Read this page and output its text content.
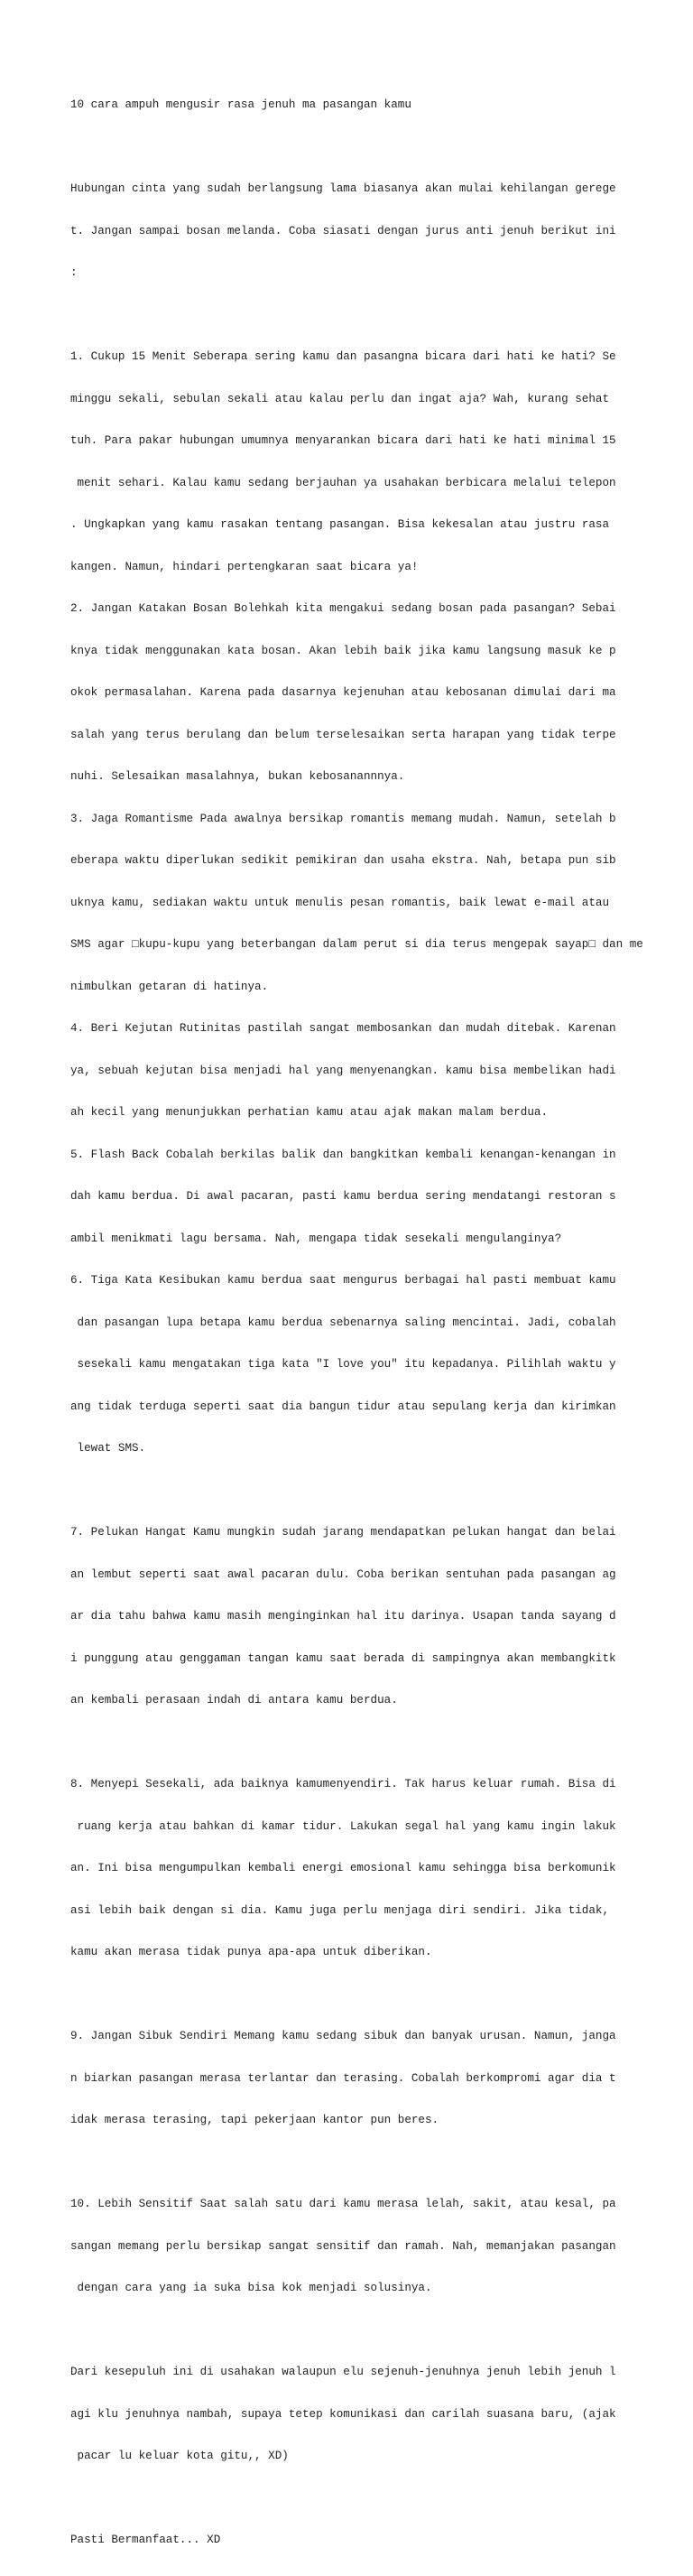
10 cara ampuh mengusir rasa jenuh ma pasangan kamu

Hubungan cinta yang sudah berlangsung lama biasanya akan mulai kehilangan gerege

t. Jangan sampai bosan melanda. Coba siasati dengan jurus anti jenuh berikut ini

:

1. Cukup 15 Menit Seberapa sering kamu dan pasangna bicara dari hati ke hati? Se

minggu sekali, sebulan sekali atau kalau perlu dan ingat aja? Wah, kurang sehat

tuh. Para pakar hubungan umumnya menyarankan bicara dari hati ke hati minimal 15

menit sehari. Kalau kamu sedang berjauhan ya usahakan berbicara melalui telepon

. Ungkapkan yang kamu rasakan tentang pasangan. Bisa kekesalan atau justru rasa

kangen. Namun, hindari pertengkaran saat bicara ya!

2. Jangan Katakan Bosan Bolehkah kita mengakui sedang bosan pada pasangan? Sebai

knya tidak menggunakan kata bosan. Akan lebih baik jika kamu langsung masuk ke p

okok permasalahan. Karena pada dasarnya kejenuhan atau kebosanan dimulai dari ma

salah yang terus berulang dan belum terselesaikan serta harapan yang tidak terpe

nuhi. Selesaikan masalahnya, bukan kebosanannnya.

3. Jaga Romantisme Pada awalnya bersikap romantis memang mudah. Namun, setelah b

eberapa waktu diperlukan sedikit pemikiran dan usaha ekstra. Nah, betapa pun sib

uknya kamu, sediakan waktu untuk menulis pesan romantis, baik lewat e-mail atau

SMS agar □kupu-kupu yang beterbangan dalam perut si dia terus mengepak sayap□ dan me

nimbulkan getaran di hatinya.

4. Beri Kejutan Rutinitas pastilah sangat membosankan dan mudah ditebak. Karenan

ya, sebuah kejutan bisa menjadi hal yang menyenangkan. kamu bisa membelikan hadi

ah kecil yang menunjukkan perhatian kamu atau ajak makan malam berdua.

5. Flash Back Cobalah berkilas balik dan bangkitkan kembali kenangan-kenangan in

dah kamu berdua. Di awal pacaran, pasti kamu berdua sering mendatangi restoran s

ambil menikmati lagu bersama. Nah, mengapa tidak sesekali mengulanginya?

6. Tiga Kata Kesibukan kamu berdua saat mengurus berbagai hal pasti membuat kamu

dan pasangan lupa betapa kamu berdua sebenarnya saling mencintai. Jadi, cobalah

sesekali kamu mengatakan tiga kata "I love you" itu kepadanya. Pilihlah waktu y

ang tidak terduga seperti saat dia bangun tidur atau sepulang kerja dan kirimkan

lewat SMS.

7. Pelukan Hangat Kamu mungkin sudah jarang mendapatkan pelukan hangat dan belai

an lembut seperti saat awal pacaran dulu. Coba berikan sentuhan pada pasangan ag

ar dia tahu bahwa kamu masih menginginkan hal itu darinya. Usapan tanda sayang d

i punggung atau genggaman tangan kamu saat berada di sampingnya akan membangkitk

an kembali perasaan indah di antara kamu berdua.

8. Menyepi Sesekali, ada baiknya kamumenyendiri. Tak harus keluar rumah. Bisa di

ruang kerja atau bahkan di kamar tidur. Lakukan segal hal yang kamu ingin lakuk

an. Ini bisa mengumpulkan kembali energi emosional kamu sehingga bisa berkomunik

asi lebih baik dengan si dia. Kamu juga perlu menjaga diri sendiri. Jika tidak,

kamu akan merasa tidak punya apa-apa untuk diberikan.

9. Jangan Sibuk Sendiri Memang kamu sedang sibuk dan banyak urusan. Namun, janga

n biarkan pasangan merasa terlantar dan terasing. Cobalah berkompromi agar dia t

idak merasa terasing, tapi pekerjaan kantor pun beres.

10. Lebih Sensitif Saat salah satu dari kamu merasa lelah, sakit, atau kesal, pa

sangan memang perlu bersikap sangat sensitif dan ramah. Nah, memanjakan pasangan

dengan cara yang ia suka bisa kok menjadi solusinya.

Dari kesepuluh ini di usahakan walaupun elu sejenuh-jenuhnya jenuh lebih jenuh l

agi klu jenuhnya nambah, supaya tetep komunikasi dan carilah suasana baru, (ajak

pacar lu keluar kota gitu,, XD)

Pasti Bermanfaat... XD
